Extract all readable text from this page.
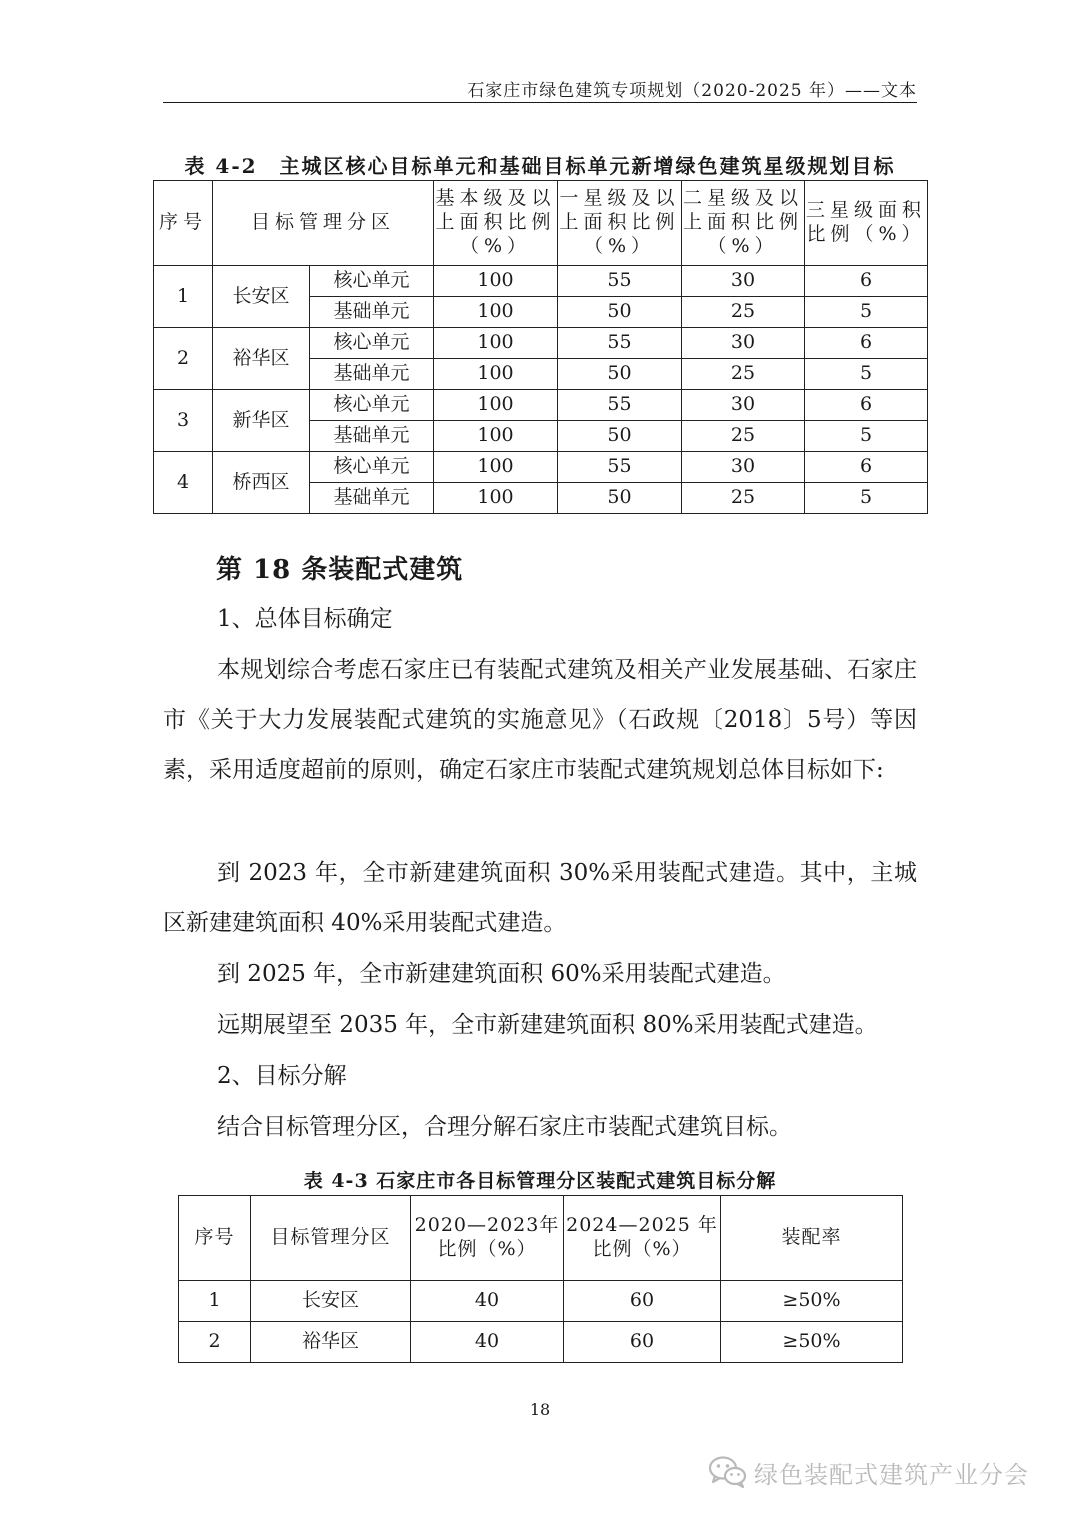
石家庄市绿色建筑专项规划（2020-2025 年）——文本
表 4-2　主城区核心目标单元和基础目标单元新增绿色建筑星级规划目标
序号	目标管理分区		基本级及以上面积比例（%）	一星级及以上面积比例（%）	二星级及以上面积比例（%）	三星级面积比例（%）
1	长安区	核心单元	100	55	30	6
		基础单元	100	50	25	5
2	裕华区	核心单元	100	55	30	6
		基础单元	100	50	25	5
3	新华区	核心单元	100	55	30	6
		基础单元	100	50	25	5
4	桥西区	核心单元	100	55	30	6
		基础单元	100	50	25	5
第 18 条装配式建筑
1、总体目标确定
本规划综合考虑石家庄已有装配式建筑及相关产业发展基础、石家庄市《关于大力发展装配式建筑的实施意见》（石政规〔2018〕5号）等因素，采用适度超前的原则，确定石家庄市装配式建筑规划总体目标如下:
到 2023 年，全市新建建筑面积 30%采用装配式建造。其中，主城区新建建筑面积 40%采用装配式建造。
到 2025 年，全市新建建筑面积 60%采用装配式建造。
远期展望至 2035 年，全市新建建筑面积 80%采用装配式建造。
2、目标分解
结合目标管理分区，合理分解石家庄市装配式建筑目标。
表 4-3 石家庄市各目标管理分区装配式建筑目标分解
序号	目标管理分区	2020—2023年比例（%）	2024—2025 年比例（%）	装配率
1	长安区	40	60	≥50%
2	裕华区	40	60	≥50%
18
绿色装配式建筑产业分会
